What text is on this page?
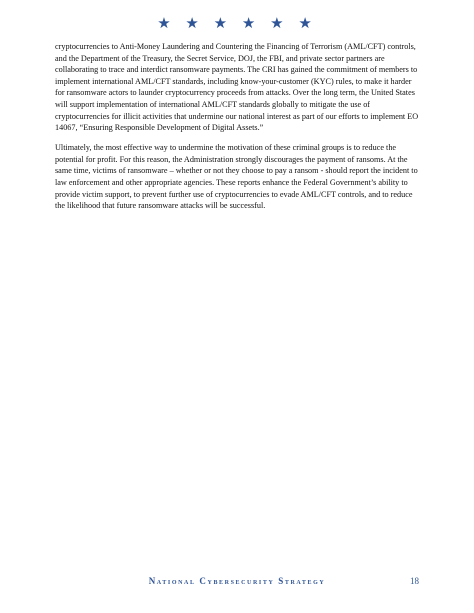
★ ★ ★ ★ ★ ★

cryptocurrencies to Anti-Money Laundering and Countering the Financing of Terrorism (AML/CFT) controls, and the Department of the Treasury, the Secret Service, DOJ, the FBI, and private sector partners are collaborating to trace and interdict ransomware payments. The CRI has gained the commitment of members to implement international AML/CFT standards, including know-your-customer (KYC) rules, to make it harder for ransomware actors to launder cryptocurrency proceeds from attacks. Over the long term, the United States will support implementation of international AML/CFT standards globally to mitigate the use of cryptocurrencies for illicit activities that undermine our national interest as part of our efforts to implement EO 14067, “Ensuring Responsible Development of Digital Assets.”

Ultimately, the most effective way to undermine the motivation of these criminal groups is to reduce the potential for profit. For this reason, the Administration strongly discourages the payment of ransoms. At the same time, victims of ransomware – whether or not they choose to pay a ransom - should report the incident to law enforcement and other appropriate agencies. These reports enhance the Federal Government’s ability to provide victim support, to prevent further use of cryptocurrencies to evade AML/CFT controls, and to reduce the likelihood that future ransomware attacks will be successful.

National Cybersecurity Strategy	18
